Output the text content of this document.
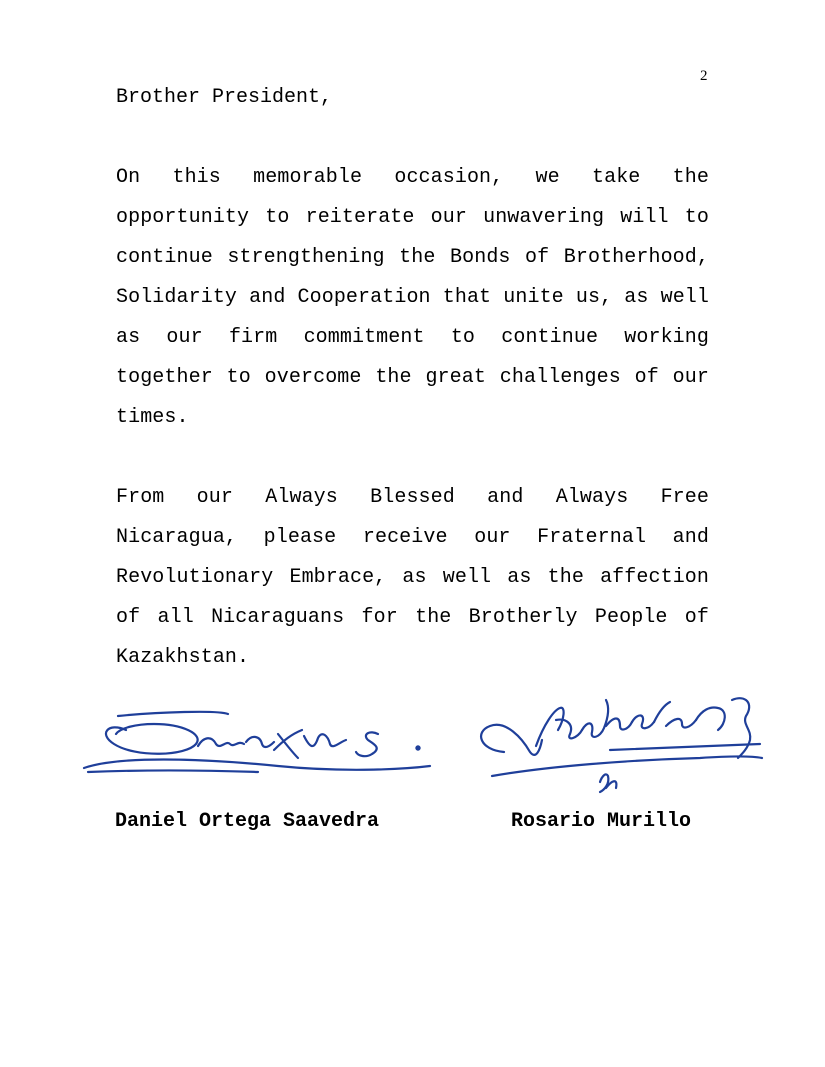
2
Brother President,

On this memorable occasion, we take the opportunity to reiterate our unwavering will to continue strengthening the Bonds of Brotherhood, Solidarity and Cooperation that unite us, as well as our firm commitment to continue working together to overcome the great challenges of our times.

From our Always Blessed and Always Free Nicaragua, please receive our Fraternal and Revolutionary Embrace, as well as the affection of all Nicaraguans for the Brotherly People of Kazakhstan.

Daniel Ortega Saavedra	Rosario Murillo
